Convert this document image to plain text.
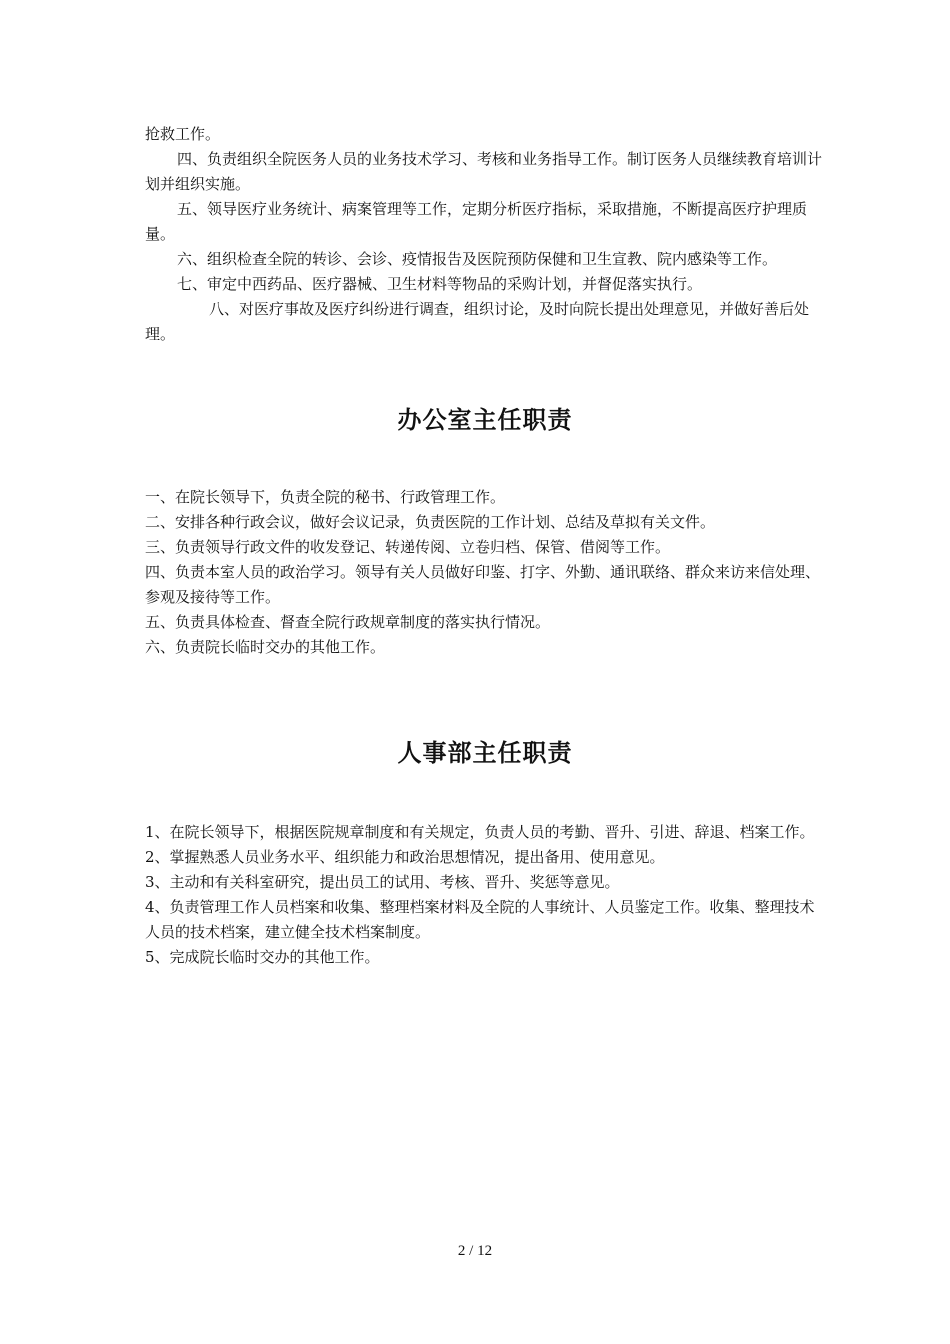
抢救工作。

四、负责组织全院医务人员的业务技术学习、考核和业务指导工作。制订医务人员继续教育培训计划并组织实施。

五、领导医疗业务统计、病案管理等工作，定期分析医疗指标，采取措施，不断提高医疗护理质量。

六、组织检查全院的转诊、会诊、疫情报告及医院预防保健和卫生宣教、院内感染等工作。

七、审定中西药品、医疗器械、卫生材料等物品的采购计划，并督促落实执行。

八、对医疗事故及医疗纠纷进行调查，组织讨论，及时向院长提出处理意见，并做好善后处理。

办公室主任职责

一、在院长领导下，负责全院的秘书、行政管理工作。

二、安排各种行政会议，做好会议记录，负责医院的工作计划、总结及草拟有关文件。

三、负责领导行政文件的收发登记、转递传阅、立卷归档、保管、借阅等工作。

四、负责本室人员的政治学习。领导有关人员做好印鉴、打字、外勤、通讯联络、群众来访来信处理、参观及接待等工作。

五、负责具体检查、督查全院行政规章制度的落实执行情况。

六、负责院长临时交办的其他工作。

人事部主任职责

1、在院长领导下，根据医院规章制度和有关规定，负责人员的考勤、晋升、引进、辞退、档案工作。

2、掌握熟悉人员业务水平、组织能力和政治思想情况，提出备用、使用意见。

3、主动和有关科室研究，提出员工的试用、考核、晋升、奖惩等意见。

4、负责管理工作人员档案和收集、整理档案材料及全院的人事统计、人员鉴定工作。收集、整理技术人员的技术档案，建立健全技术档案制度。

5、完成院长临时交办的其他工作。

2 / 12
